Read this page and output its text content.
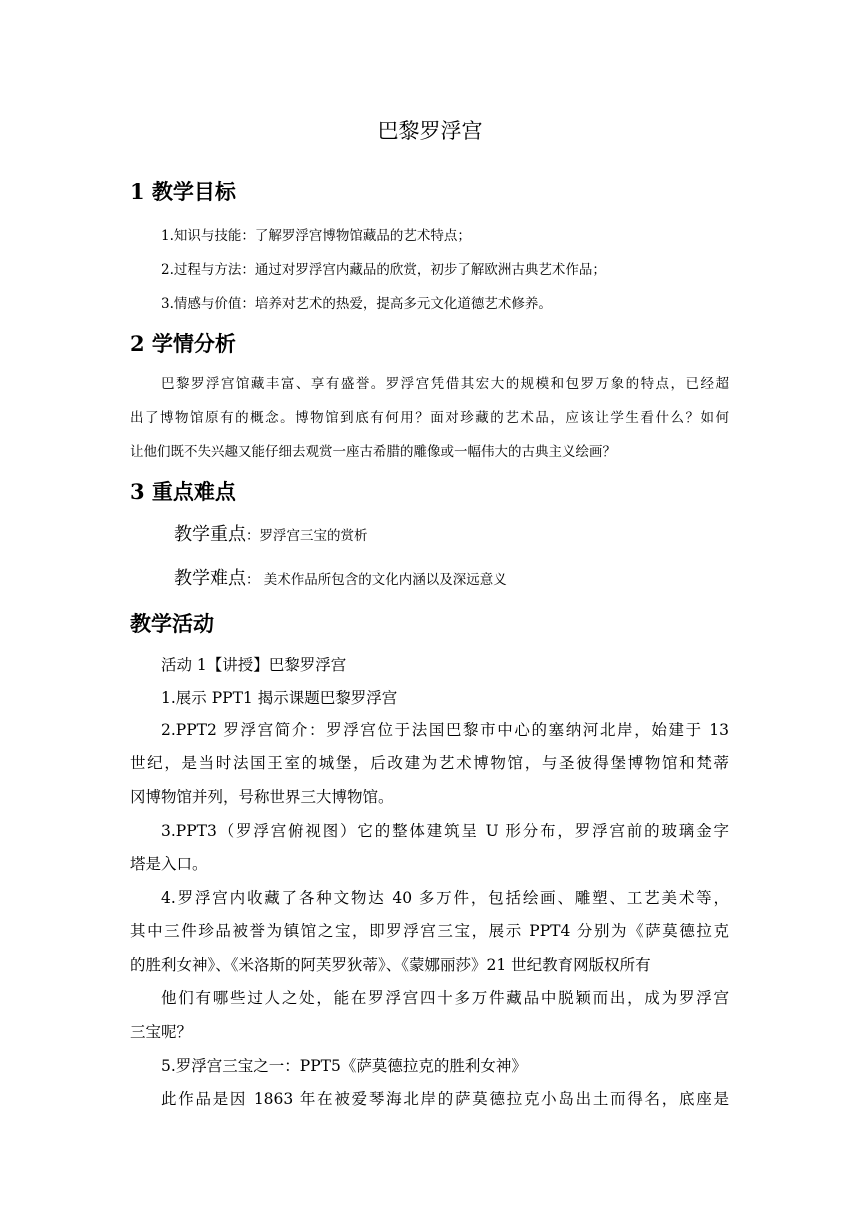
巴黎罗浮宫
1 教学目标
1.知识与技能：了解罗浮宫博物馆藏品的艺术特点；
2.过程与方法：通过对罗浮宫内藏品的欣赏，初步了解欧洲古典艺术作品；
3.情感与价值：培养对艺术的热爱，提高多元文化道德艺术修养。
2 学情分析
巴黎罗浮宫馆藏丰富、享有盛誉。罗浮宫凭借其宏大的规模和包罗万象的特点，已经超
出了博物馆原有的概念。博物馆到底有何用？面对珍藏的艺术品，应该让学生看什么？如何
让他们既不失兴趣又能仔细去观赏一座古希腊的雕像或一幅伟大的古典主义绘画？
3 重点难点
教学重点：罗浮宫三宝的赏析
教学难点： 美术作品所包含的文化内涵以及深远意义
教学活动
活动 1【讲授】巴黎罗浮宫
1.展示 PPT1 揭示课题巴黎罗浮宫
2.PPT2 罗浮宫简介：罗浮宫位于法国巴黎市中心的塞纳河北岸，始建于 13
世纪，是当时法国王室的城堡，后改建为艺术博物馆，与圣彼得堡博物馆和梵蒂
冈博物馆并列，号称世界三大博物馆。
3.PPT3（罗浮宫俯视图）它的整体建筑呈 U 形分布，罗浮宫前的玻璃金字
塔是入口。
4.罗浮宫内收藏了各种文物达 40 多万件，包括绘画、雕塑、工艺美术等，
其中三件珍品被誉为镇馆之宝，即罗浮宫三宝，展示 PPT4 分别为《萨莫德拉克
的胜利女神》、《米洛斯的阿芙罗狄蒂》、《蒙娜丽莎》21 世纪教育网版权所有
他们有哪些过人之处，能在罗浮宫四十多万件藏品中脱颖而出，成为罗浮宫
三宝呢？
5.罗浮宫三宝之一：PPT5《萨莫德拉克的胜利女神》
此作品是因 1863 年在被爱琴海北岸的萨莫德拉克小岛出土而得名，底座是
